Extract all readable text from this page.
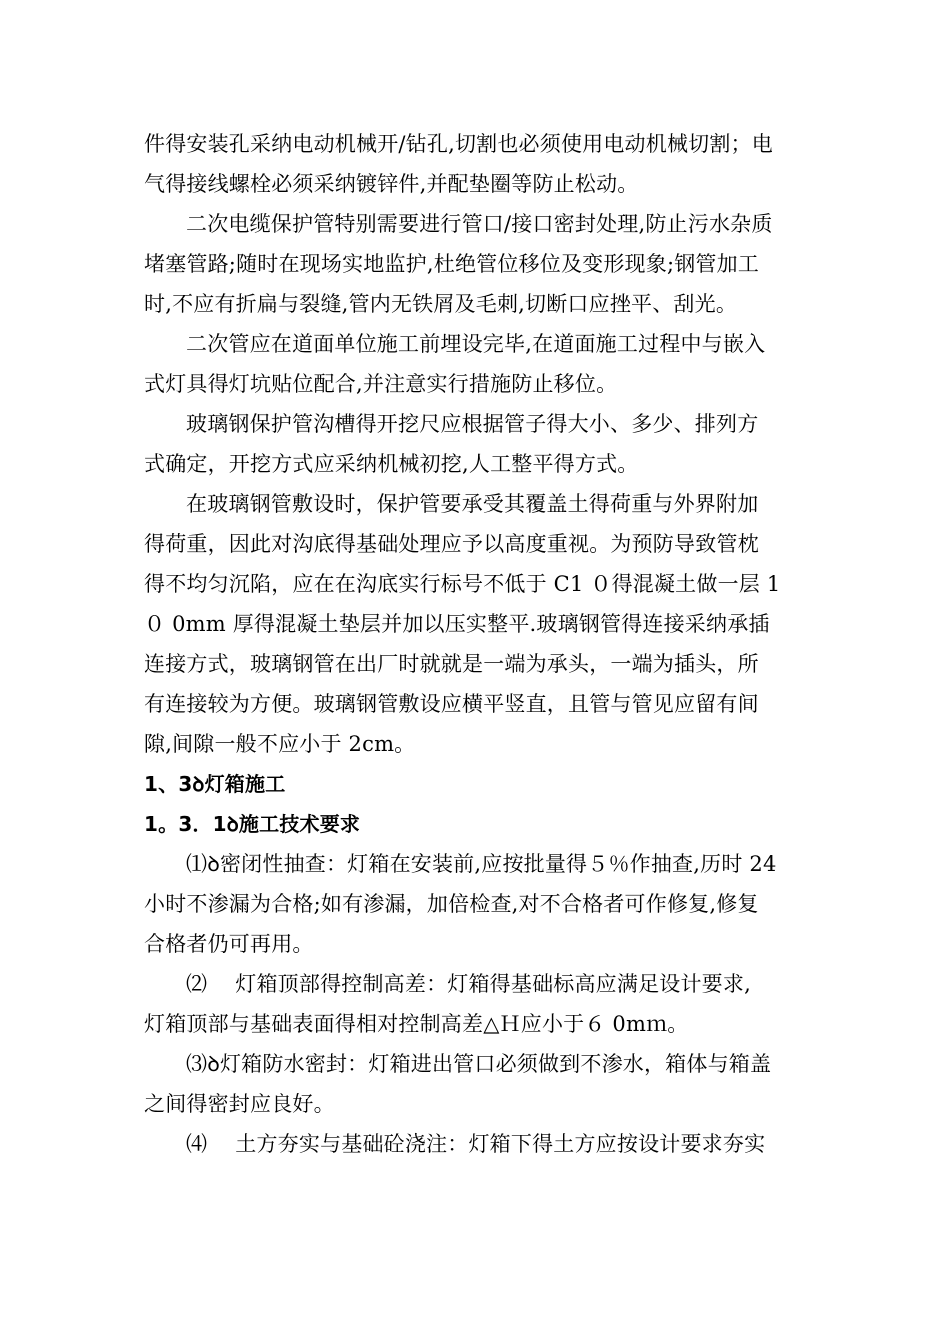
件得安装孔采纳电动机械开/钻孔,切割也必须使用电动机械切割；电
气得接线螺栓必须采纳镀锌件,并配垫圈等防止松动。
二次电缆保护管特别需要进行管口/接口密封处理,防止污水杂质
堵塞管路;随时在现场实地监护,杜绝管位移位及变形现象;钢管加工
时,不应有折扁与裂缝,管内无铁屑及毛刺,切断口应挫平、刮光。
二次管应在道面单位施工前埋设完毕,在道面施工过程中与嵌入
式灯具得灯坑贴位配合,并注意实行措施防止移位。
玻璃钢保护管沟槽得开挖尺应根据管子得大小、多少、排列方
式确定，开挖方式应采纳机械初挖,人工整平得方式。
在玻璃钢管敷设时，保护管要承受其覆盖土得荷重与外界附加
得荷重，因此对沟底得基础处理应予以高度重视。为预防导致管枕
得不均匀沉陷，应在在沟底实行标号不低于 C1 ０得混凝土做一层 1
０ 0mm 厚得混凝土垫层并加以压实整平.玻璃钢管得连接采纳承插
连接方式，玻璃钢管在出厂时就就是一端为承头，一端为插头，所
有连接较为方便。玻璃钢管敷设应横平竖直，且管与管见应留有间
隙,间隙一般不应小于 2cm。
1、3ꝺ灯箱施工
1。3．1ꝺ施工技术要求
⑴ꝺ密闭性抽查：灯箱在安装前,应按批量得５％作抽查,历时 24
小时不渗漏为合格;如有渗漏，加倍检查,对不合格者可作修复,修复
合格者仍可再用。
⑵　 灯箱顶部得控制高差：灯箱得基础标高应满足设计要求,
灯箱顶部与基础表面得相对控制高差△Ｈ应小于６ 0mｍ。
⑶ꝺ灯箱防水密封：灯箱进出管口必须做到不渗水，箱体与箱盖
之间得密封应良好。
⑷　 土方夯实与基础砼浇注：灯箱下得土方应按设计要求夯实
